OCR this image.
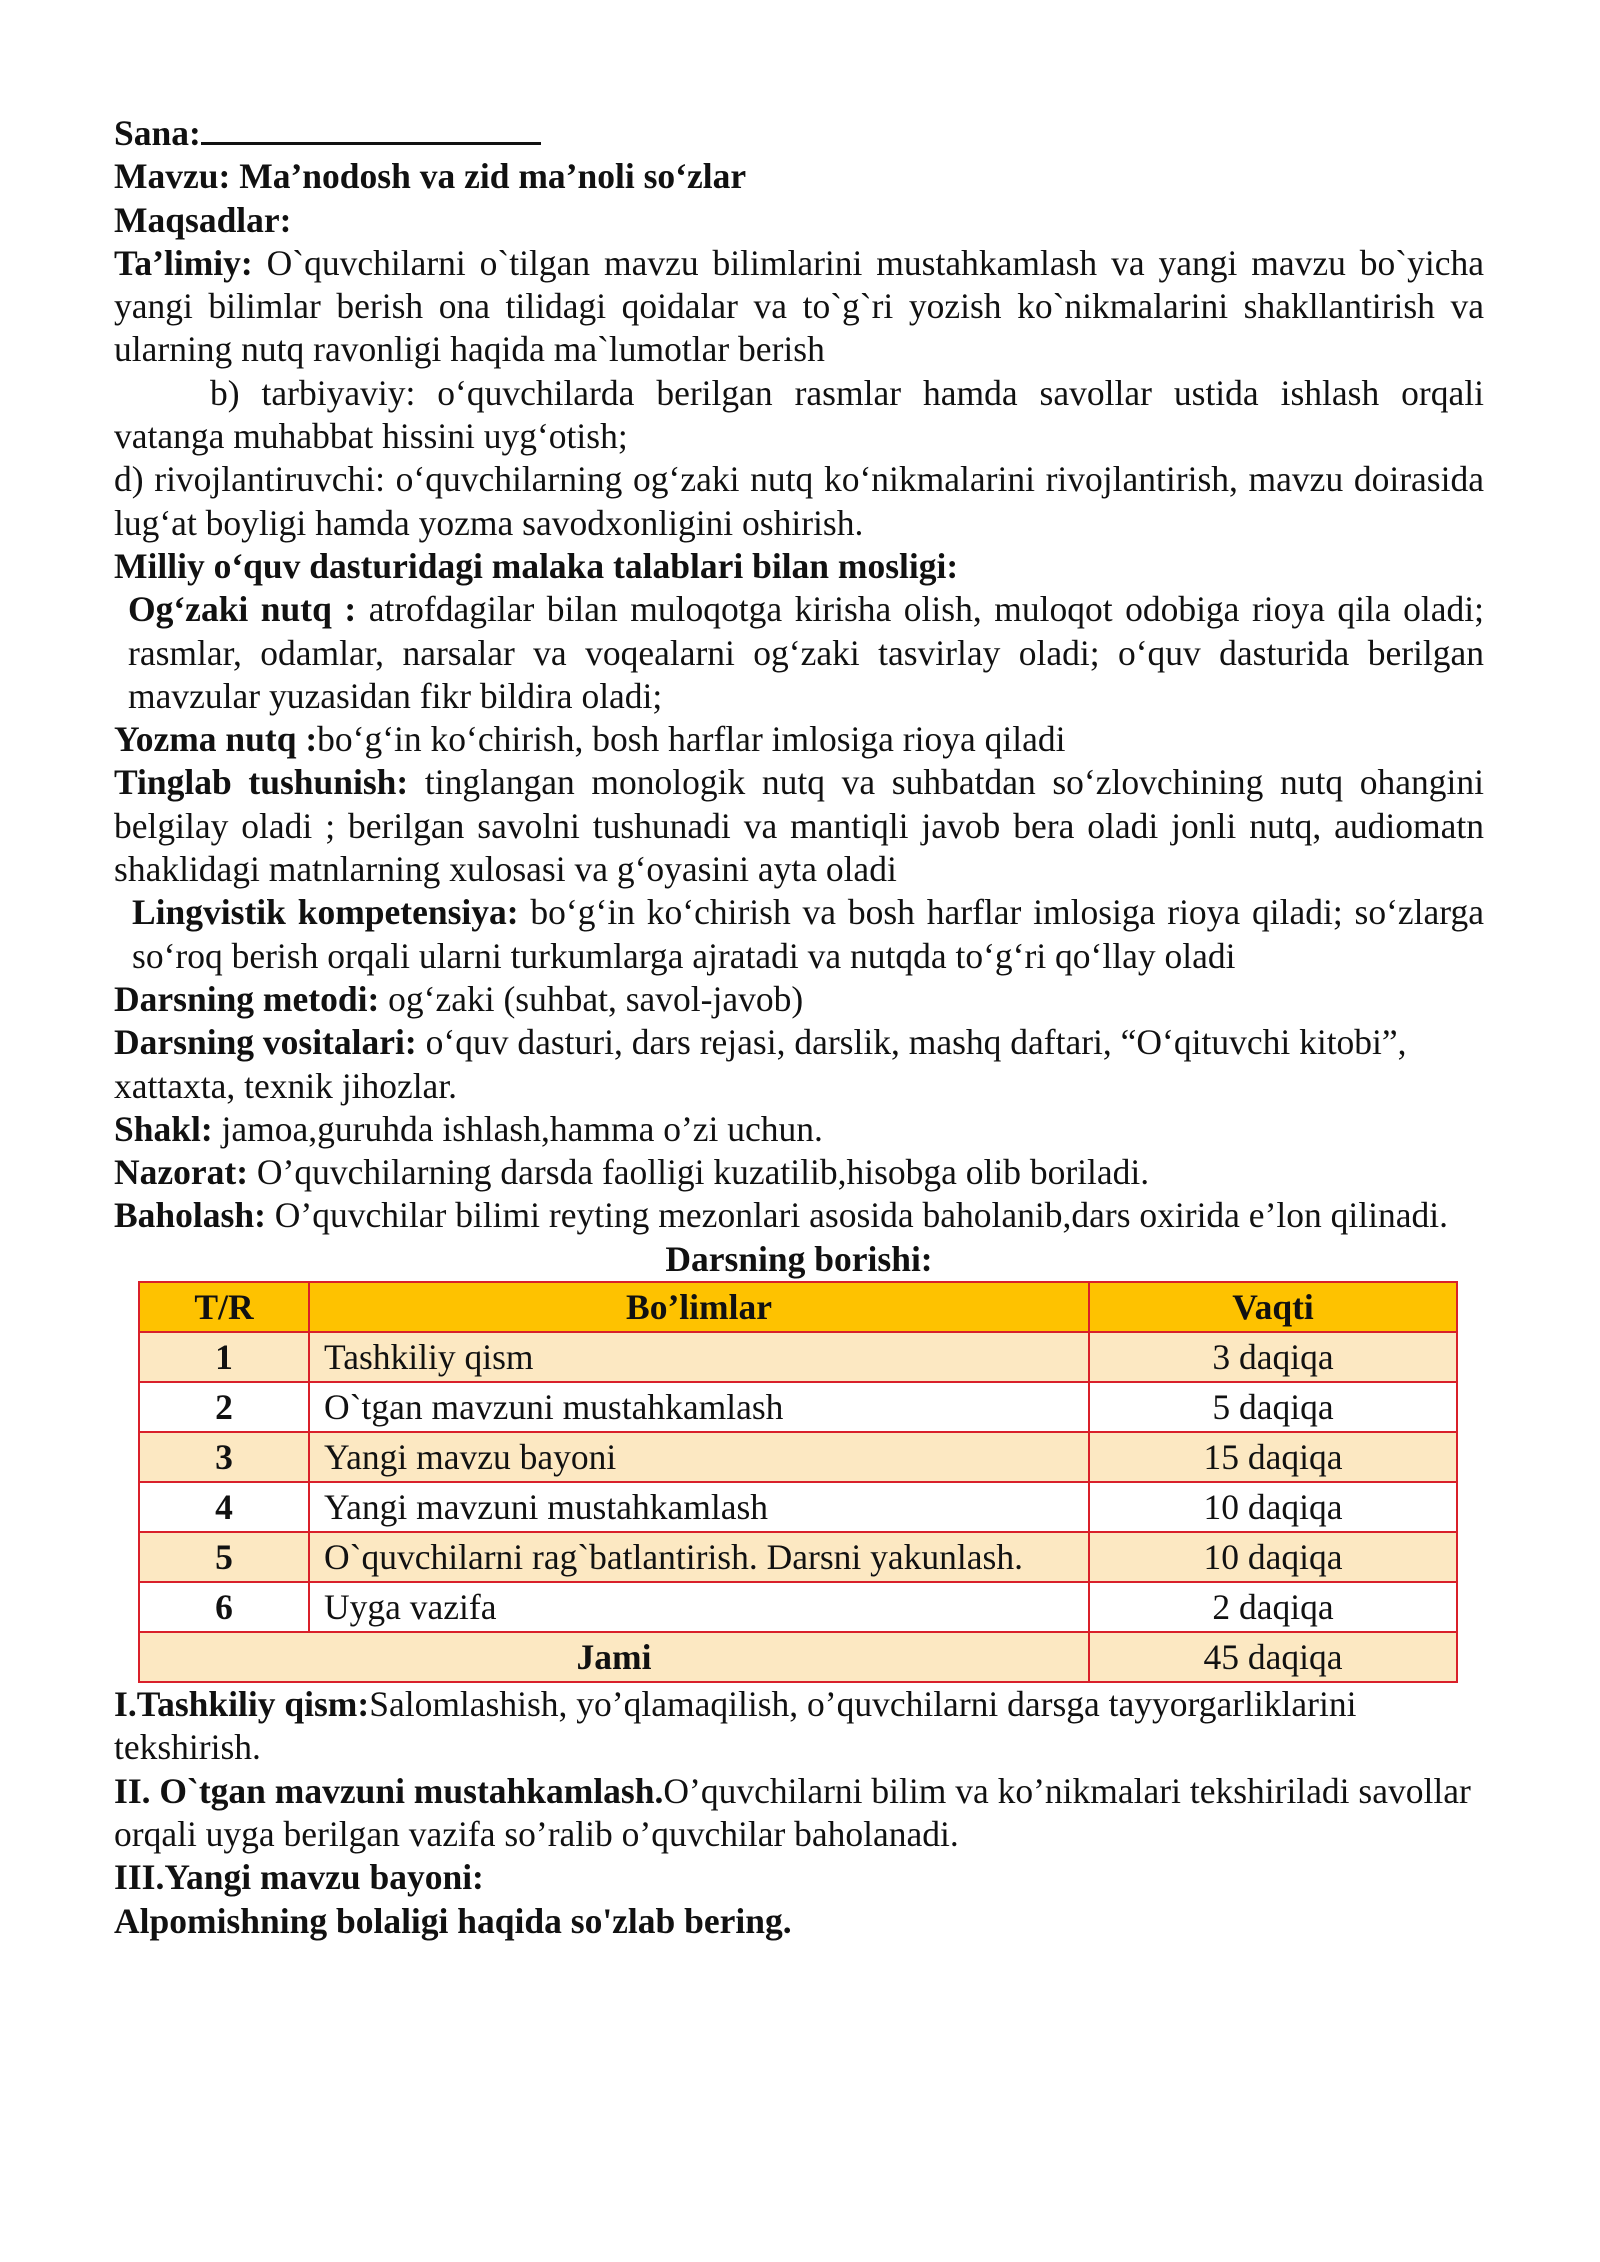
Sana:

Mavzu: Ma’nodosh va zid ma’noli so‘zlar

Maqsadlar:

Ta’limiy: O`quvchilarni o`tilgan mavzu bilimlarini mustahkamlash va yangi mavzu bo`yicha yangi bilimlar berish ona tilidagi qoidalar va to`g`ri yozish ko`nikmalarini shakllantirish va ularning nutq ravonligi haqida ma`lumotlar berish

b) tarbiyaviy: o‘quvchilarda berilgan rasmlar hamda savollar ustida ishlash orqali vatanga muhabbat hissini uyg‘otish;

d) rivojlantiruvchi: o‘quvchilarning og‘zaki nutq ko‘nikmalarini rivojlantirish, mavzu doirasida lug‘at boyligi hamda yozma savodxonligini oshirish.

Milliy o‘quv dasturidagi malaka talablari bilan mosligi:

Og‘zaki nutq : atrofdagilar bilan muloqotga kirisha olish, muloqot odobiga rioya qila oladi; rasmlar, odamlar, narsalar va voqealarni og‘zaki tasvirlay oladi; o‘quv dasturida berilgan mavzular yuzasidan fikr bildira oladi;

Yozma nutq :bo‘g‘in ko‘chirish, bosh harflar imlosiga rioya qiladi

Tinglab tushunish: tinglangan monologik nutq va suhbatdan so‘zlovchining nutq ohangini belgilay oladi ; berilgan savolni tushunadi va mantiqli javob bera oladi jonli nutq, audiomatn shaklidagi matnlarning xulosasi va g‘oyasini ayta oladi

Lingvistik kompetensiya: bo‘g‘in ko‘chirish va bosh harflar imlosiga rioya qiladi; so‘zlarga so‘roq berish orqali ularni turkumlarga ajratadi va nutqda to‘g‘ri qo‘llay oladi

Darsning metodi: og‘zaki (suhbat, savol-javob)

Darsning vositalari: o‘quv dasturi, dars rejasi, darslik, mashq daftari, “O‘qituvchi kitobi”, xattaxta, texnik jihozlar.

Shakl: jamoa,guruhda ishlash,hamma o’zi uchun.

Nazorat: O’quvchilarning darsda faolligi kuzatilib,hisobga olib boriladi.

Baholash: O’quvchilar bilimi reyting mezonlari asosida baholanib,dars oxirida e’lon qilinadi.

Darsning borishi:

T/R	Bo’limlar	Vaqti
1	Tashkiliy qism	3 daqiqa
2	O`tgan mavzuni mustahkamlash	5 daqiqa
3	Yangi mavzu bayoni	15 daqiqa
4	Yangi mavzuni mustahkamlash	10 daqiqa
5	O`quvchilarni rag`batlantirish. Darsni yakunlash.	10 daqiqa
6	Uyga vazifa	2 daqiqa
Jami		45 daqiqa

I.Tashkiliy qism:Salomlashish, yo’qlamaqilish, o’quvchilarni darsga tayyorgarliklarini tekshirish.

II. O`tgan mavzuni mustahkamlash.O’quvchilarni bilim va ko’nikmalari tekshiriladi savollar orqali uyga berilgan vazifa so’ralib o’quvchilar baholanadi.

III.Yangi mavzu bayoni:

Alpomishning bolaligi haqida so'zlab bering.
